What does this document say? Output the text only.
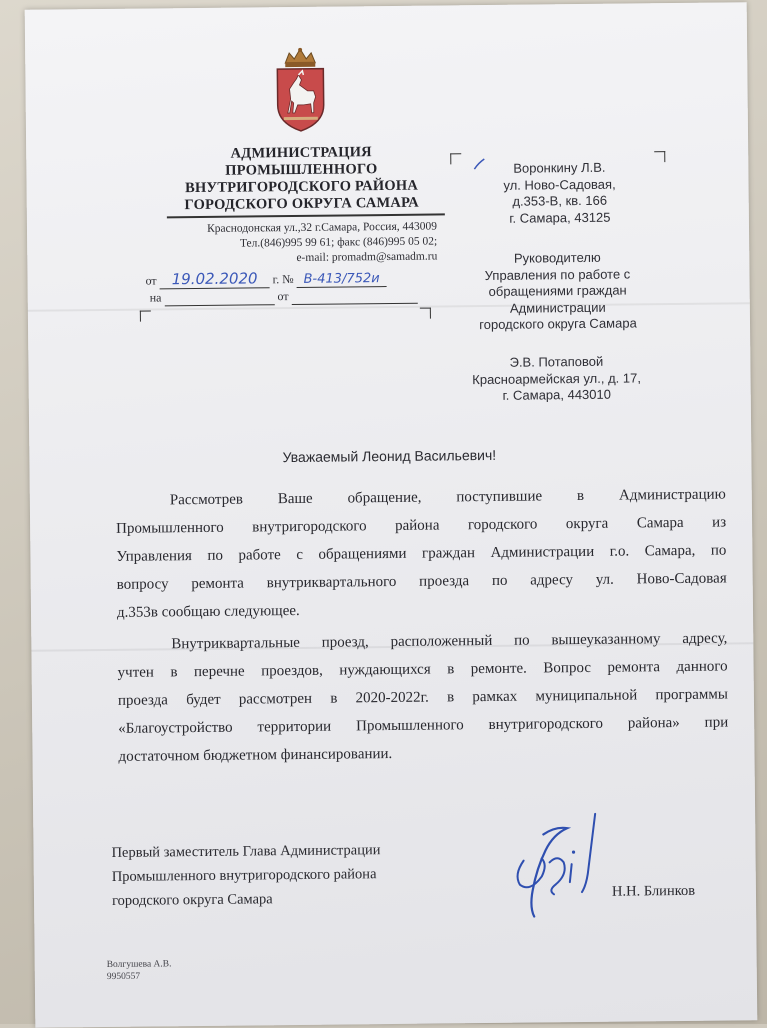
АДМИНИСТРАЦИЯ
ПРОМЫШЛЕННОГО
ВНУТРИГОРОДСКОГО РАЙОНА
ГОРОДСКОГО ОКРУГА САМАРА
Краснодонская ул.,32 г.Самара, Россия, 443009
Тел.(846)995 99 61; факс (846)995 05 02;
e-mail: promadm@samadm.ru
от 19.02.2020 г. № В-413/752и
на	от
Воронкину Л.В.
ул. Ново-Садовая,
д.353-В, кв. 166
г. Самара, 43125
Руководителю
Управления по работе с
обращениями граждан
Администрации
городского округа Самара
Э.В. Потаповой
Красноармейская ул., д. 17,
г. Самара, 443010
Уважаемый Леонид Васильевич!
Рассмотрев Ваше обращение, поступившие в Администрацию
Промышленного внутригородского района городского округа Самара из
Управления по работе с обращениями граждан Администрации г.о. Самара, по
вопросу ремонта внутриквартального проезда по адресу ул. Ново-Садовая
д.353в сообщаю следующее.
Внутриквартальные проезд, расположенный по вышеуказанному адресу,
учтен в перечне проездов, нуждающихся в ремонте. Вопрос ремонта данного
проезда будет рассмотрен в 2020-2022г. в рамках муниципальной программы
«Благоустройство территории Промышленного внутригородского района» при
достаточном бюджетном финансировании.
Первый заместитель Глава Администрации
Промышленного внутригородского района
городского округа Самара	Н.Н. Блинков
Волгушева А.В.
9950557
